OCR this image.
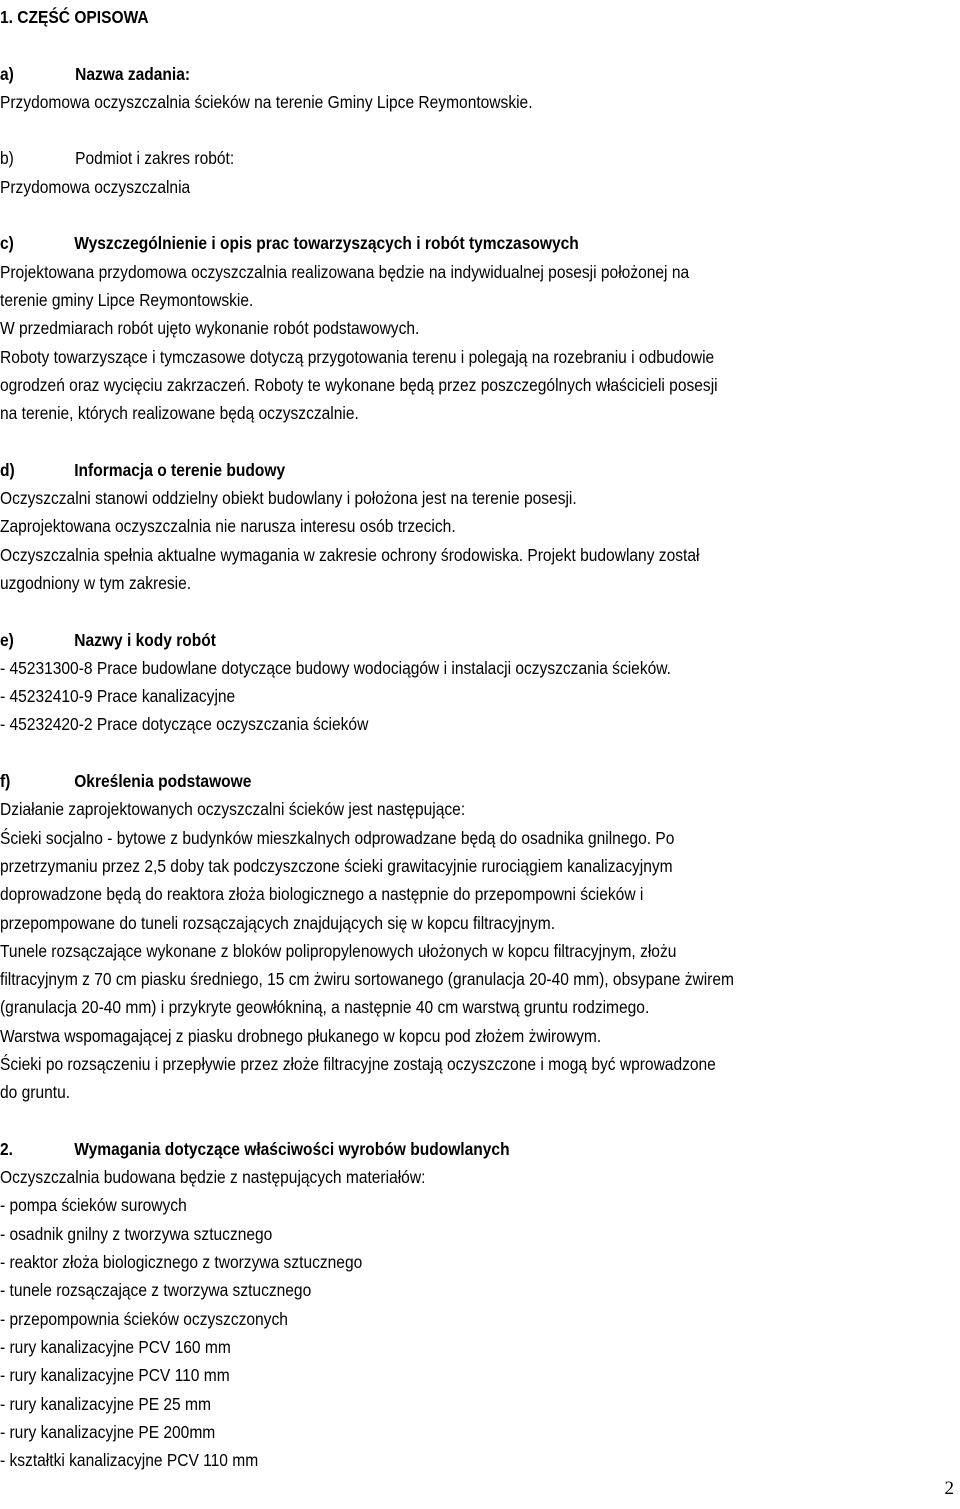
1. CZĘŚĆ OPISOWA
a)	Nazwa zadania:
Przydomowa oczyszczalnia ścieków na terenie Gminy Lipce Reymontowskie.
b)	Podmiot i zakres robót:
Przydomowa oczyszczalnia
c)	Wyszczególnienie i opis prac towarzyszących i robót tymczasowych
Projektowana przydomowa oczyszczalnia realizowana będzie na indywidualnej posesji położonej na
terenie gminy Lipce Reymontowskie.
W przedmiarach robót ujęto wykonanie robót podstawowych.
Roboty towarzyszące i tymczasowe dotyczą przygotowania terenu i polegają na rozebraniu i odbudowie
ogrodzeń oraz wycięciu zakrzaczeń. Roboty te wykonane będą przez poszczególnych właścicieli posesji
na terenie, których realizowane będą oczyszczalnie.
d)	Informacja o terenie budowy
Oczyszczalni stanowi oddzielny obiekt budowlany i położona jest na terenie posesji.
Zaprojektowana oczyszczalnia nie narusza interesu osób trzecich.
Oczyszczalnia spełnia aktualne wymagania w zakresie ochrony środowiska. Projekt budowlany został
uzgodniony w tym zakresie.
e)	Nazwy i kody robót
- 45231300-8 Prace budowlane dotyczące budowy wodociągów i instalacji oczyszczania ścieków.
- 45232410-9 Prace kanalizacyjne
- 45232420-2 Prace dotyczące oczyszczania ścieków
f)	Określenia podstawowe
Działanie zaprojektowanych oczyszczalni ścieków jest następujące:
Ścieki socjalno - bytowe z budynków mieszkalnych odprowadzane będą do osadnika gnilnego. Po
przetrzymaniu przez 2,5 doby tak podczyszczone ścieki grawitacyjnie rurociągiem kanalizacyjnym
doprowadzone będą do reaktora złoża biologicznego a następnie do przepompowni ścieków i
przepompowane do tuneli rozsączających znajdujących się w kopcu filtracyjnym.
Tunele rozsączające wykonane z bloków polipropylenowych ułożonych w kopcu filtracyjnym, złożu
filtracyjnym z 70 cm piasku średniego, 15 cm żwiru sortowanego (granulacja 20-40 mm), obsypane żwirem
(granulacja 20-40 mm) i przykryte geowłókniną, a następnie 40 cm warstwą gruntu rodzimego.
Warstwa wspomagającej z piasku drobnego płukanego w kopcu pod złożem żwirowym.
Ścieki po rozsączeniu i przepływie przez złoże filtracyjne zostają oczyszczone i mogą być wprowadzone
do gruntu.
2.	Wymagania dotyczące właściwości wyrobów budowlanych
Oczyszczalnia budowana będzie z następujących materiałów:
- pompa ścieków surowych
- osadnik gnilny z tworzywa sztucznego
- reaktor złoża biologicznego z tworzywa sztucznego
- tunele rozsączające z tworzywa sztucznego
- przepompownia ścieków oczyszczonych
- rury kanalizacyjne PCV 160 mm
- rury kanalizacyjne PCV 110 mm
- rury kanalizacyjne PE 25 mm
- rury kanalizacyjne PE 200mm
- kształtki kanalizacyjne PCV 110 mm
2
